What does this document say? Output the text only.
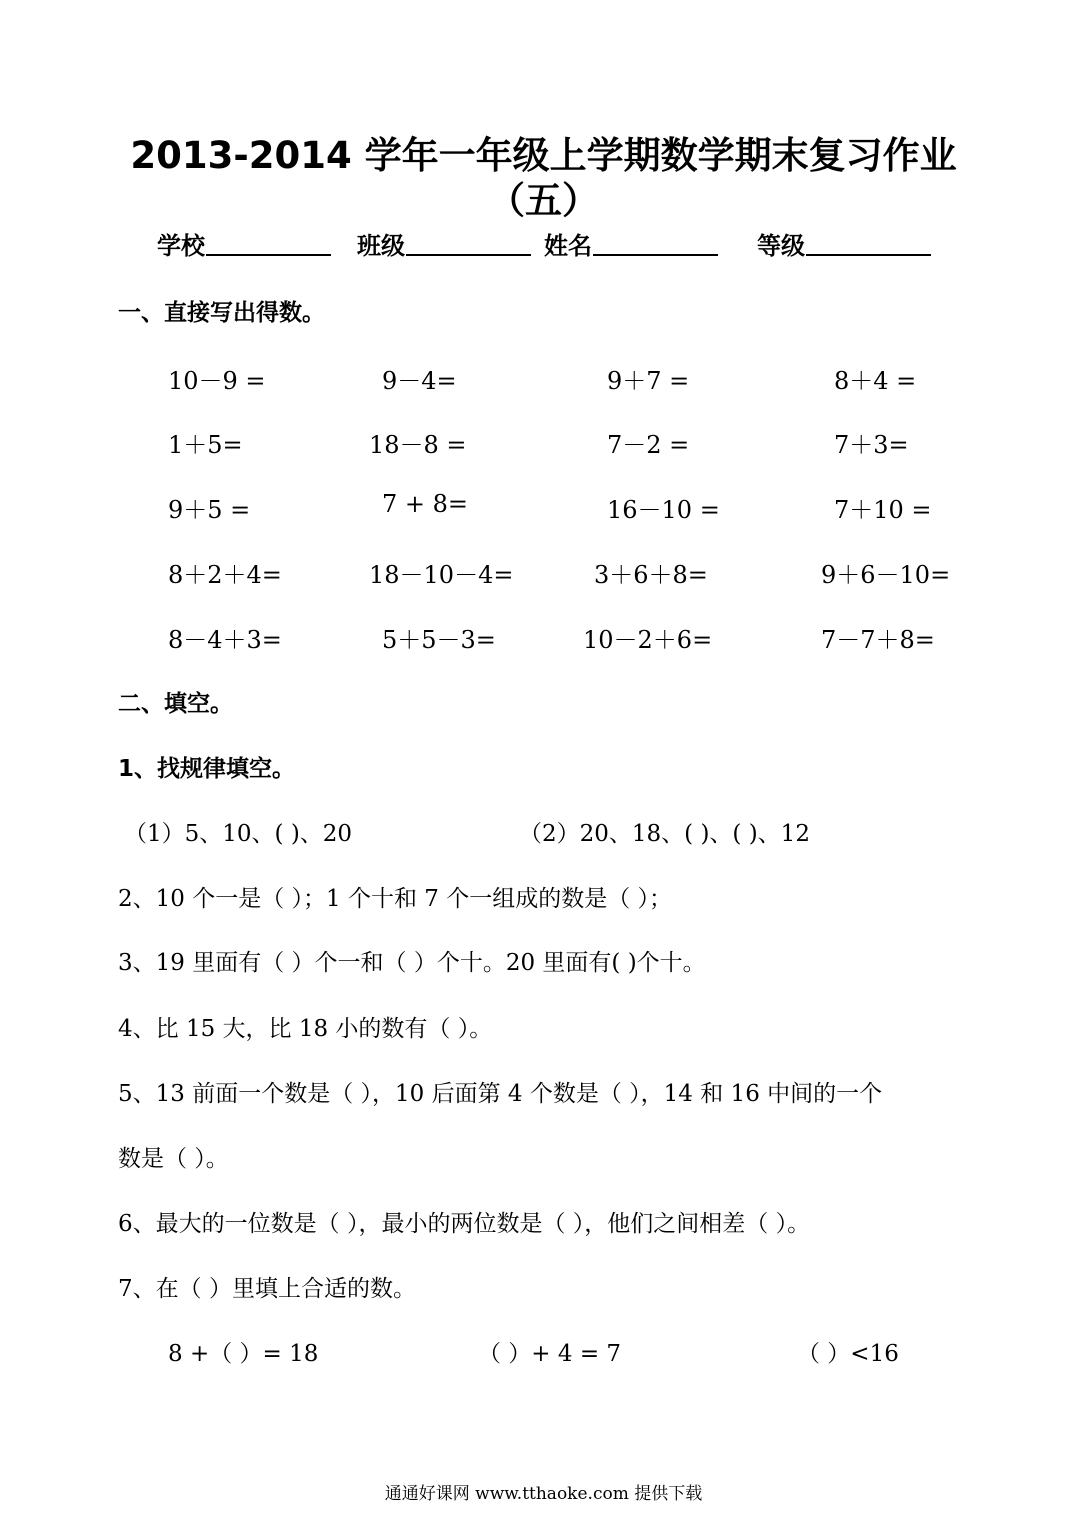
2013-2014 学年一年级上学期数学期末复习作业
（五）
学校	班级	姓名	等级
一、直接写出得数。
10－9 =	9－4=	9＋7 =	8＋4 =
1＋5=	18－8 =	7－2 =	7＋3=
9＋5 =	7 + 8=	16－10 =	7＋10 =
8＋2＋4=	18－10－4=	3＋6＋8=	9＋6－10=
8－4＋3=	5＋5－3=	10－2＋6=	7－7＋8=
二、填空。
1、找规律填空。
（1）5、10、( )、20	（2）20、18、( )、( )、12
2、10 个一是（ ）；1 个十和 7 个一组成的数是（ ）；
3、19 里面有（ ）个一和（ ）个十。20 里面有( )个十。
4、比 15 大，比 18 小的数有（ ）。
5、13 前面一个数是（ ），10 后面第 4 个数是（ ），14 和 16 中间的一个
数是（ ）。
6、最大的一位数是（ ），最小的两位数是（ ），他们之间相差（ ）。
7、在（ ）里填上合适的数。
8 +（ ）= 18	（ ）+ 4 = 7	（ ）<16
通通好课网 www.tthaoke.com 提供下载
